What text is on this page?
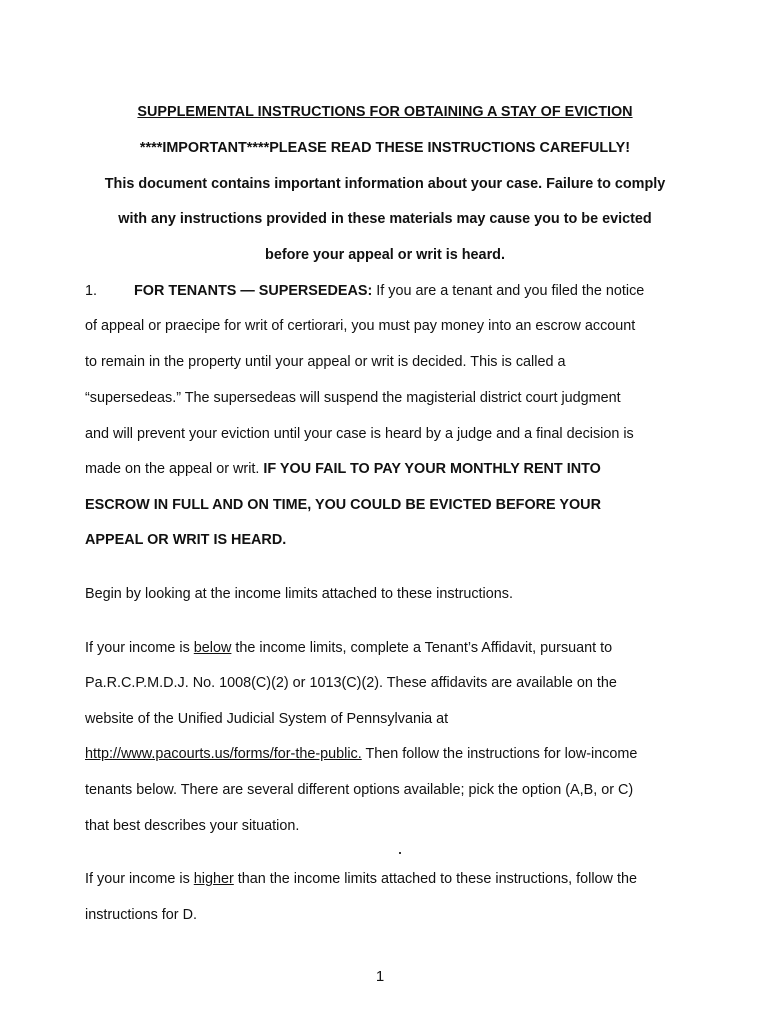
SUPPLEMENTAL INSTRUCTIONS FOR OBTAINING A STAY OF EVICTION
****IMPORTANT****PLEASE READ THESE INSTRUCTIONS CAREFULLY!
This document contains important information about your case. Failure to comply
with any instructions provided in these materials may cause you to be evicted
before your appeal or writ is heard.
1.	FOR TENANTS — SUPERSEDEAS: If you are a tenant and you filed the notice
of appeal or praecipe for writ of certiorari, you must pay money into an escrow account
to remain in the property until your appeal or writ is decided. This is called a
“supersedeas.” The supersedeas will suspend the magisterial district court judgment
and will prevent your eviction until your case is heard by a judge and a final decision is
made on the appeal or writ. IF YOU FAIL TO PAY YOUR MONTHLY RENT INTO
ESCROW IN FULL AND ON TIME, YOU COULD BE EVICTED BEFORE YOUR
APPEAL OR WRIT IS HEARD.
Begin by looking at the income limits attached to these instructions.
If your income is below the income limits, complete a Tenant’s Affidavit, pursuant to
Pa.R.C.P.M.D.J. No. 1008(C)(2) or 1013(C)(2). These affidavits are available on the
website of the Unified Judicial System of Pennsylvania at
http://www.pacourts.us/forms/for-the-public. Then follow the instructions for low-income
tenants below. There are several different options available; pick the option (A,B, or C)
that best describes your situation.
If your income is higher than the income limits attached to these instructions, follow the
instructions for D.
1
